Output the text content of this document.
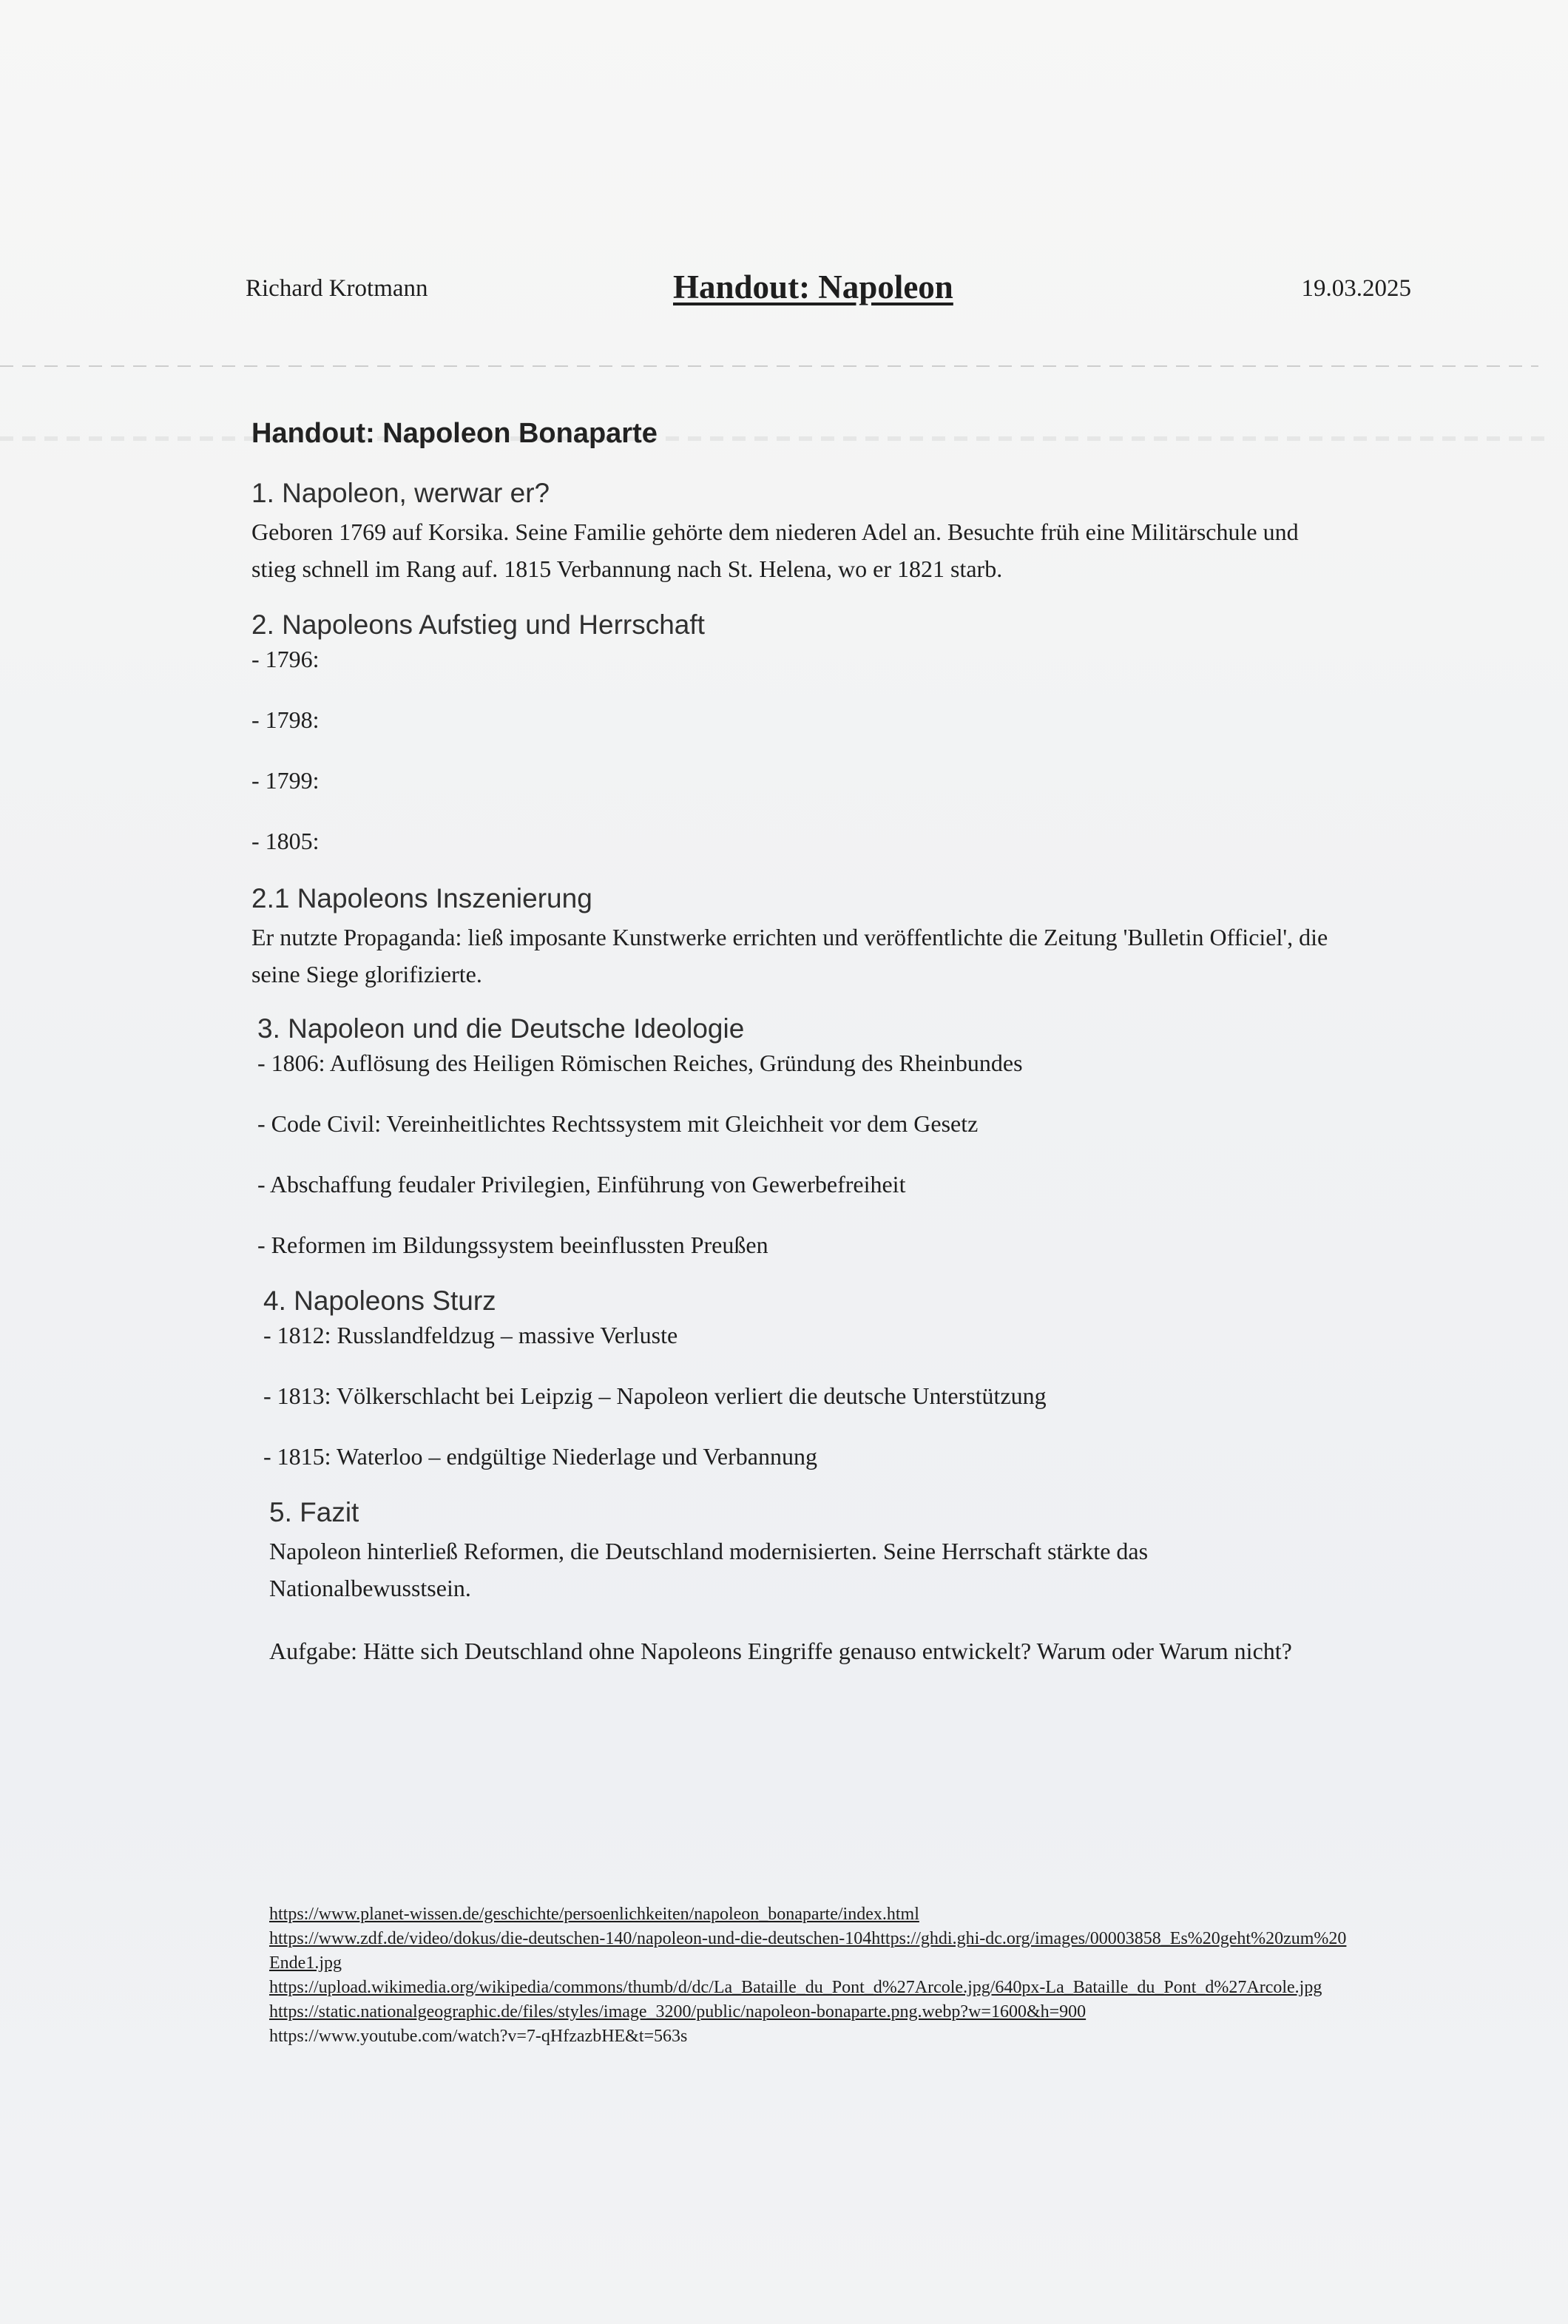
Richard Krotmann	Handout: Napoleon	19.03.2025
Handout: Napoleon Bonaparte
1. Napoleon, werwar er?

Geboren 1769 auf Korsika. Seine Familie gehörte dem niederen Adel an. Besuchte früh eine Militärschule und stieg schnell im Rang auf. 1815 Verbannung nach St. Helena, wo er 1821 starb.

2. Napoleons Aufstieg und Herrschaft
- 1796:
- 1798:
- 1799:
- 1805:
2.1 Napoleons Inszenierung

Er nutzte Propaganda: ließ imposante Kunstwerke errichten und veröffentlichte die Zeitung 'Bulletin Officiel', die seine Siege glorifizierte.

3. Napoleon und die Deutsche Ideologie
- 1806: Auflösung des Heiligen Römischen Reiches, Gründung des Rheinbundes
- Code Civil: Vereinheitlichtes Rechtssystem mit Gleichheit vor dem Gesetz
- Abschaffung feudaler Privilegien, Einführung von Gewerbefreiheit
- Reformen im Bildungssystem beeinflussten Preußen
4. Napoleons Sturz
- 1812: Russlandfeldzug – massive Verluste
- 1813: Völkerschlacht bei Leipzig – Napoleon verliert die deutsche Unterstützung
- 1815: Waterloo – endgültige Niederlage und Verbannung
5. Fazit

Napoleon hinterließ Reformen, die Deutschland modernisierten. Seine Herrschaft stärkte das Nationalbewusstsein.

Aufgabe: Hätte sich Deutschland ohne Napoleons Eingriffe genauso entwickelt? Warum oder Warum nicht?

https://www.planet-wissen.de/geschichte/persoenlichkeiten/napoleon_bonaparte/index.html
https://www.zdf.de/video/dokus/die-deutschen-140/napoleon-und-die-deutschen-104https://ghdi.ghi-dc.org/images/00003858_Es%20geht%20zum%20Ende1.jpg
https://upload.wikimedia.org/wikipedia/commons/thumb/d/dc/La_Bataille_du_Pont_d%27Arcole.jpg/640px-La_Bataille_du_Pont_d%27Arcole.jpg
https://static.nationalgeographic.de/files/styles/image_3200/public/napoleon-bonaparte.png.webp?w=1600&h=900
https://www.youtube.com/watch?v=7-qHfzazbHE&t=563s
